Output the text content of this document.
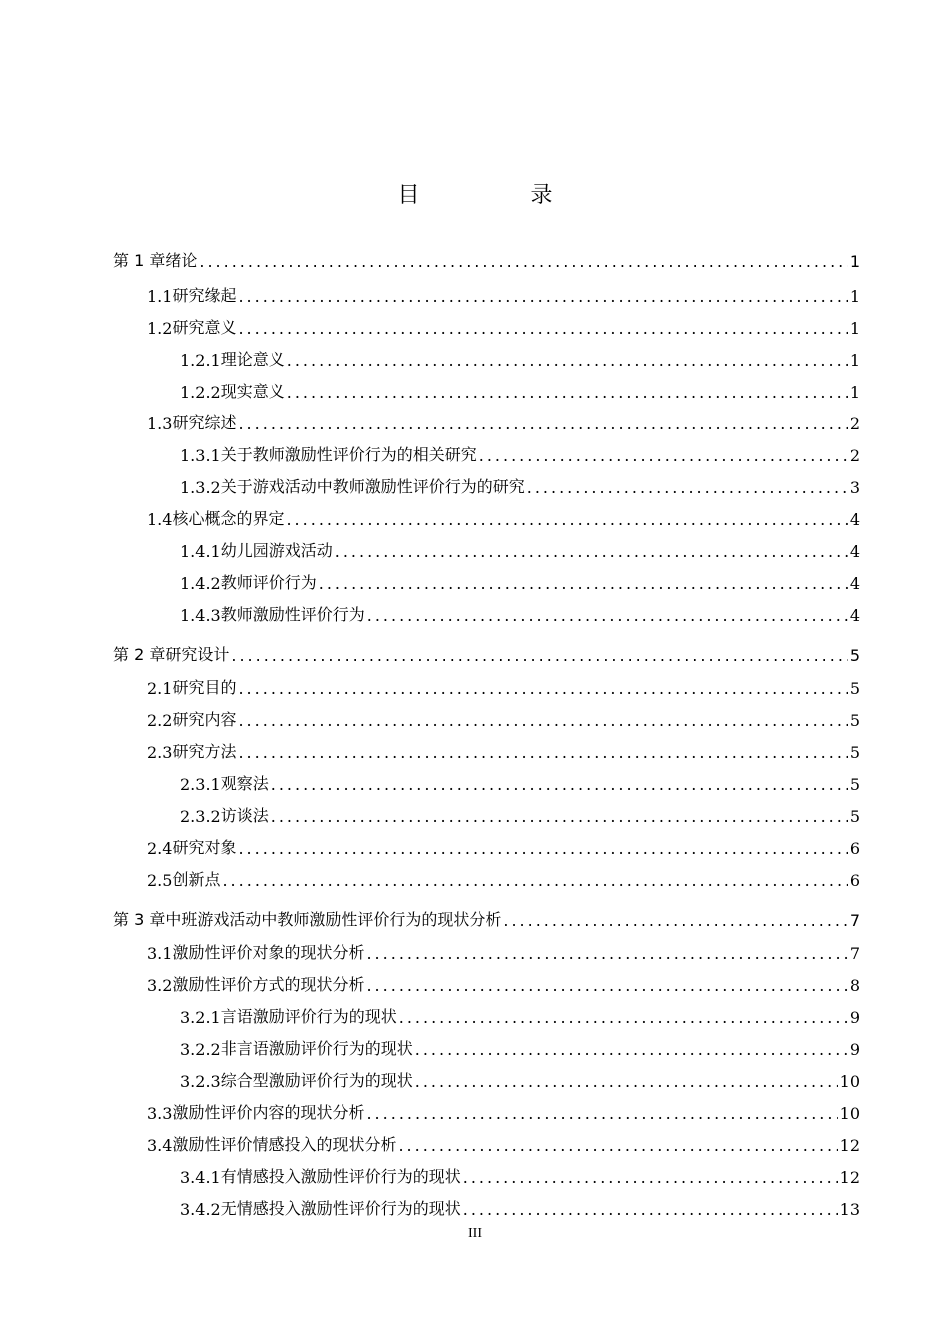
目 录
第 1 章 绪论 .....	1
1.1 研究缘起 .....	1
1.2 研究意义 .....	1
1.2.1 理论意义 .....	1
1.2.2 现实意义 .....	1
1.3 研究综述 .....	2
1.3.1 关于教师激励性评价行为的相关研究 .....	2
1.3.2 关于游戏活动中教师激励性评价行为的研究 .....	3
1.4 核心概念的界定 .....	4
1.4.1 幼儿园游戏活动 .....	4
1.4.2 教师评价行为 .....	4
1.4.3 教师激励性评价行为 .....	4
第 2 章 研究设计 .....	5
2.1 研究目的 .....	5
2.2 研究内容 .....	5
2.3 研究方法 .....	5
2.3.1 观察法 .....	5
2.3.2 访谈法 .....	5
2.4 研究对象 .....	6
2.5 创新点 .....	6
第 3 章 中班游戏活动中教师激励性评价行为的现状分析 .....	7
3.1 激励性评价对象的现状分析 .....	7
3.2 激励性评价方式的现状分析 .....	8
3.2.1 言语激励评价行为的现状 .....	9
3.2.2 非言语激励评价行为的现状 .....	9
3.2.3 综合型激励评价行为的现状 .....	10
3.3 激励性评价内容的现状分析 .....	10
3.4 激励性评价情感投入的现状分析 .....	12
3.4.1 有情感投入激励性评价行为的现状 .....	12
3.4.2 无情感投入激励性评价行为的现状 .....	13
III
